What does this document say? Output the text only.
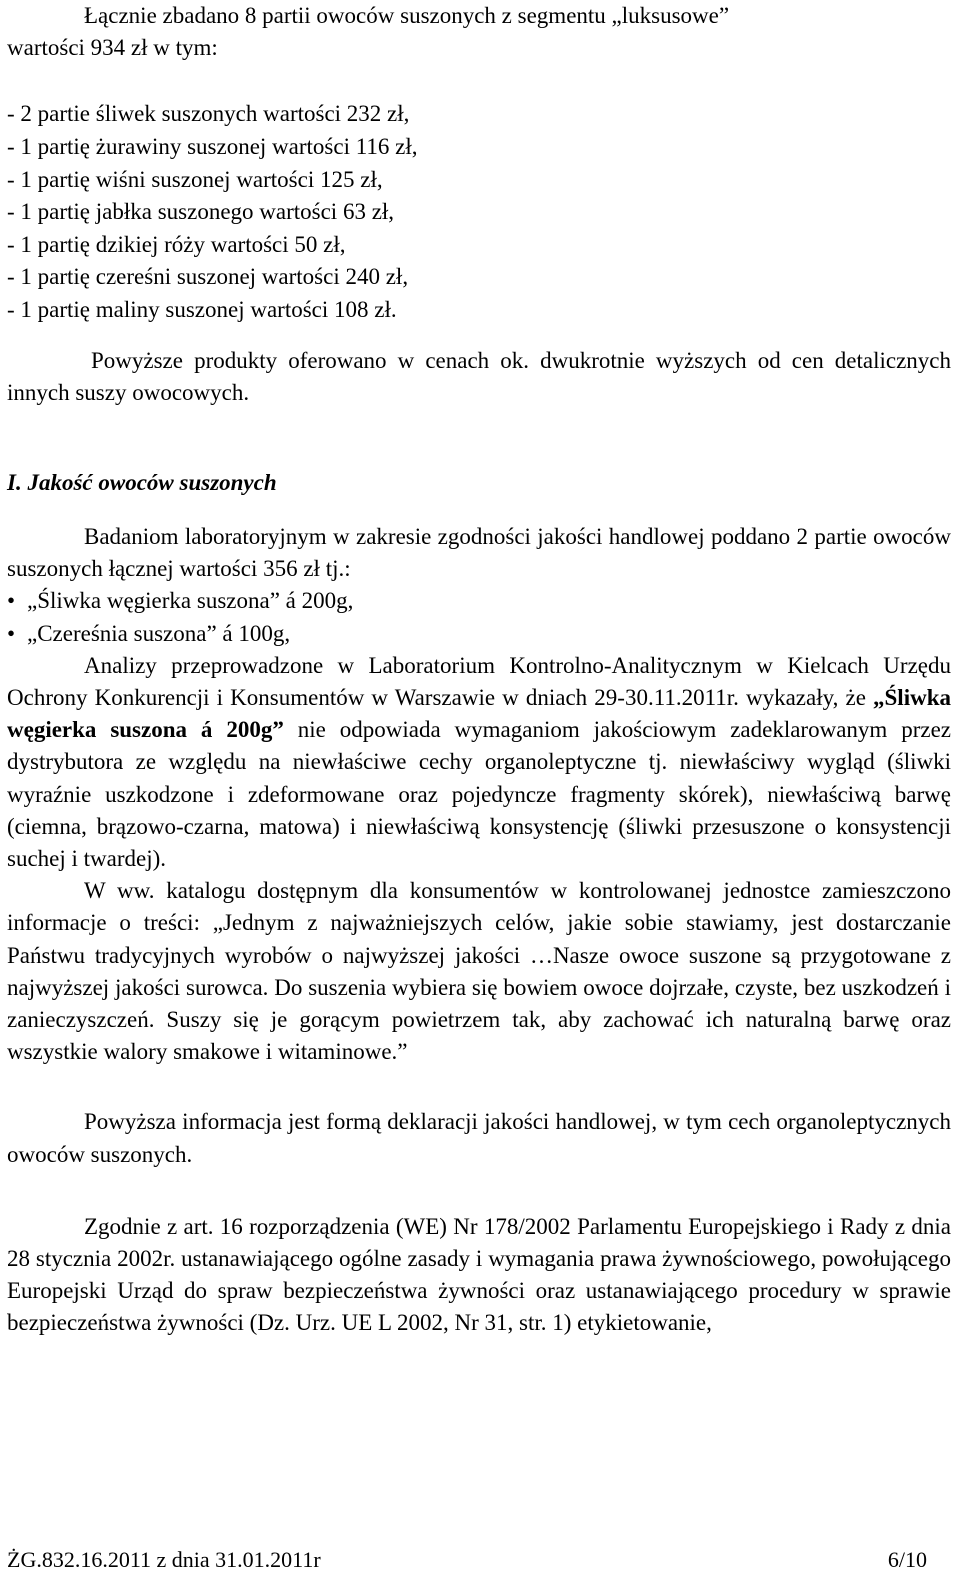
Łącznie zbadano 8 partii owoców suszonych z segmentu „luksusowe”

wartości 934 zł w tym:

- 2 partie śliwek suszonych wartości 232 zł,

- 1 partię żurawiny suszonej wartości 116 zł,

- 1 partię wiśni suszonej wartości 125 zł,

- 1 partię jabłka suszonego wartości 63 zł,

- 1 partię dzikiej róży wartości 50 zł,

- 1 partię czereśni suszonej wartości 240 zł,

- 1 partię maliny suszonej wartości 108 zł.

Powyższe produkty oferowano w cenach ok. dwukrotnie wyższych od cen detalicznych innych suszy owocowych.

I. Jakość owoców suszonych

Badaniom laboratoryjnym w zakresie zgodności jakości handlowej poddano 2 partie owoców suszonych łącznej wartości 356 zł tj.:

• „Śliwka węgierka suszona” á 200g,

• „Czereśnia suszona” á 100g,

Analizy przeprowadzone w Laboratorium Kontrolno-Analitycznym w Kielcach Urzędu Ochrony Konkurencji i Konsumentów w Warszawie w dniach 29-30.11.2011r. wykazały, że „Śliwka węgierka suszona á 200g” nie odpowiada wymaganiom jakościowym zadeklarowanym przez dystrybutora ze względu na niewłaściwe cechy organoleptyczne tj. niewłaściwy wygląd (śliwki wyraźnie uszkodzone i zdeformowane oraz pojedyncze fragmenty skórek), niewłaściwą barwę (ciemna, brązowo-czarna, matowa) i niewłaściwą konsystencję (śliwki przesuszone o konsystencji suchej i twardej).

W ww. katalogu dostępnym dla konsumentów w kontrolowanej jednostce zamieszczono informacje o treści: „Jednym z najważniejszych celów, jakie sobie stawiamy, jest dostarczanie Państwu tradycyjnych wyrobów o najwyższej jakości …Nasze owoce suszone są przygotowane z najwyższej jakości surowca. Do suszenia wybiera się bowiem owoce dojrzałe, czyste, bez uszkodzeń i zanieczyszczeń. Suszy się je gorącym powietrzem tak, aby zachować ich naturalną barwę oraz wszystkie walory smakowe i witaminowe.”

Powyższa informacja jest formą deklaracji jakości handlowej, w tym cech organoleptycznych owoców suszonych.

Zgodnie z art. 16 rozporządzenia (WE) Nr 178/2002 Parlamentu Europejskiego i Rady z dnia 28 stycznia 2002r. ustanawiającego ogólne zasady i wymagania prawa żywnościowego, powołującego Europejski Urząd do spraw bezpieczeństwa żywności oraz ustanawiającego procedury w sprawie bezpieczeństwa żywności (Dz. Urz. UE L 2002, Nr 31, str. 1) etykietowanie,

ŻG.832.16.2011 z dnia 31.01.2011r	6/10
